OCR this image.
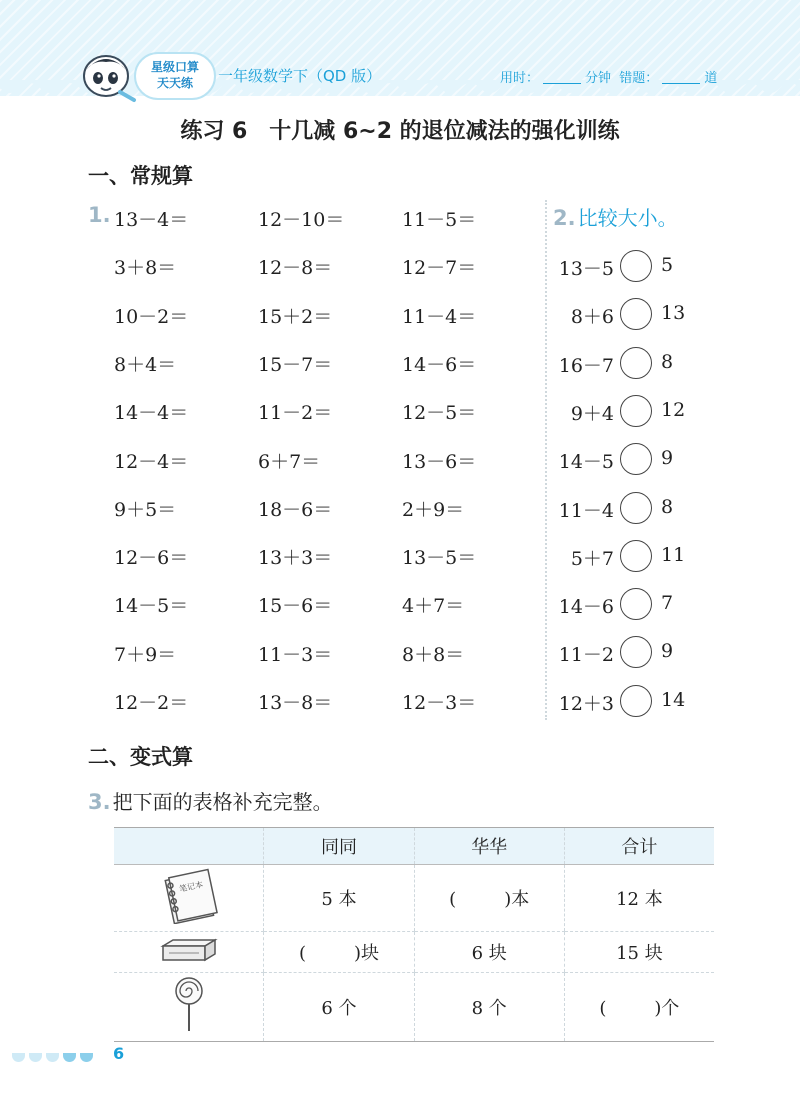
星级口算
天天练	一年级数学下（QD 版）	用时：	分钟 错题：	道
练习 6 十几减 6~2 的退位减法的强化训练
一、常规算
1. 13－4＝	12－10＝	11－5＝
3＋8＝	12－8＝	12－7＝
10－2＝	15＋2＝	11－4＝
8＋4＝	15－7＝	14－6＝
14－4＝	11－2＝	12－5＝
12－4＝	6＋7＝	13－6＝
9＋5＝	18－6＝	2＋9＝
12－6＝	13＋3＝	13－5＝
14－5＝	15－6＝	4＋7＝
7＋9＝	11－3＝	8＋8＝
12－2＝	13－8＝	12－3＝
2. 比较大小。
13－5 5
8＋6 13
16－7 8
9＋4 12
14－5 9
11－4 8
5＋7 11
14－6 7
11－2 9
12＋3 14
二、变式算
3. 把下面的表格补充完整。
	同同	华华	合计

笔记本	5 本	( )本	12 本
	( )块	6 块	15 块
	6 个	8 个	( )个
6
